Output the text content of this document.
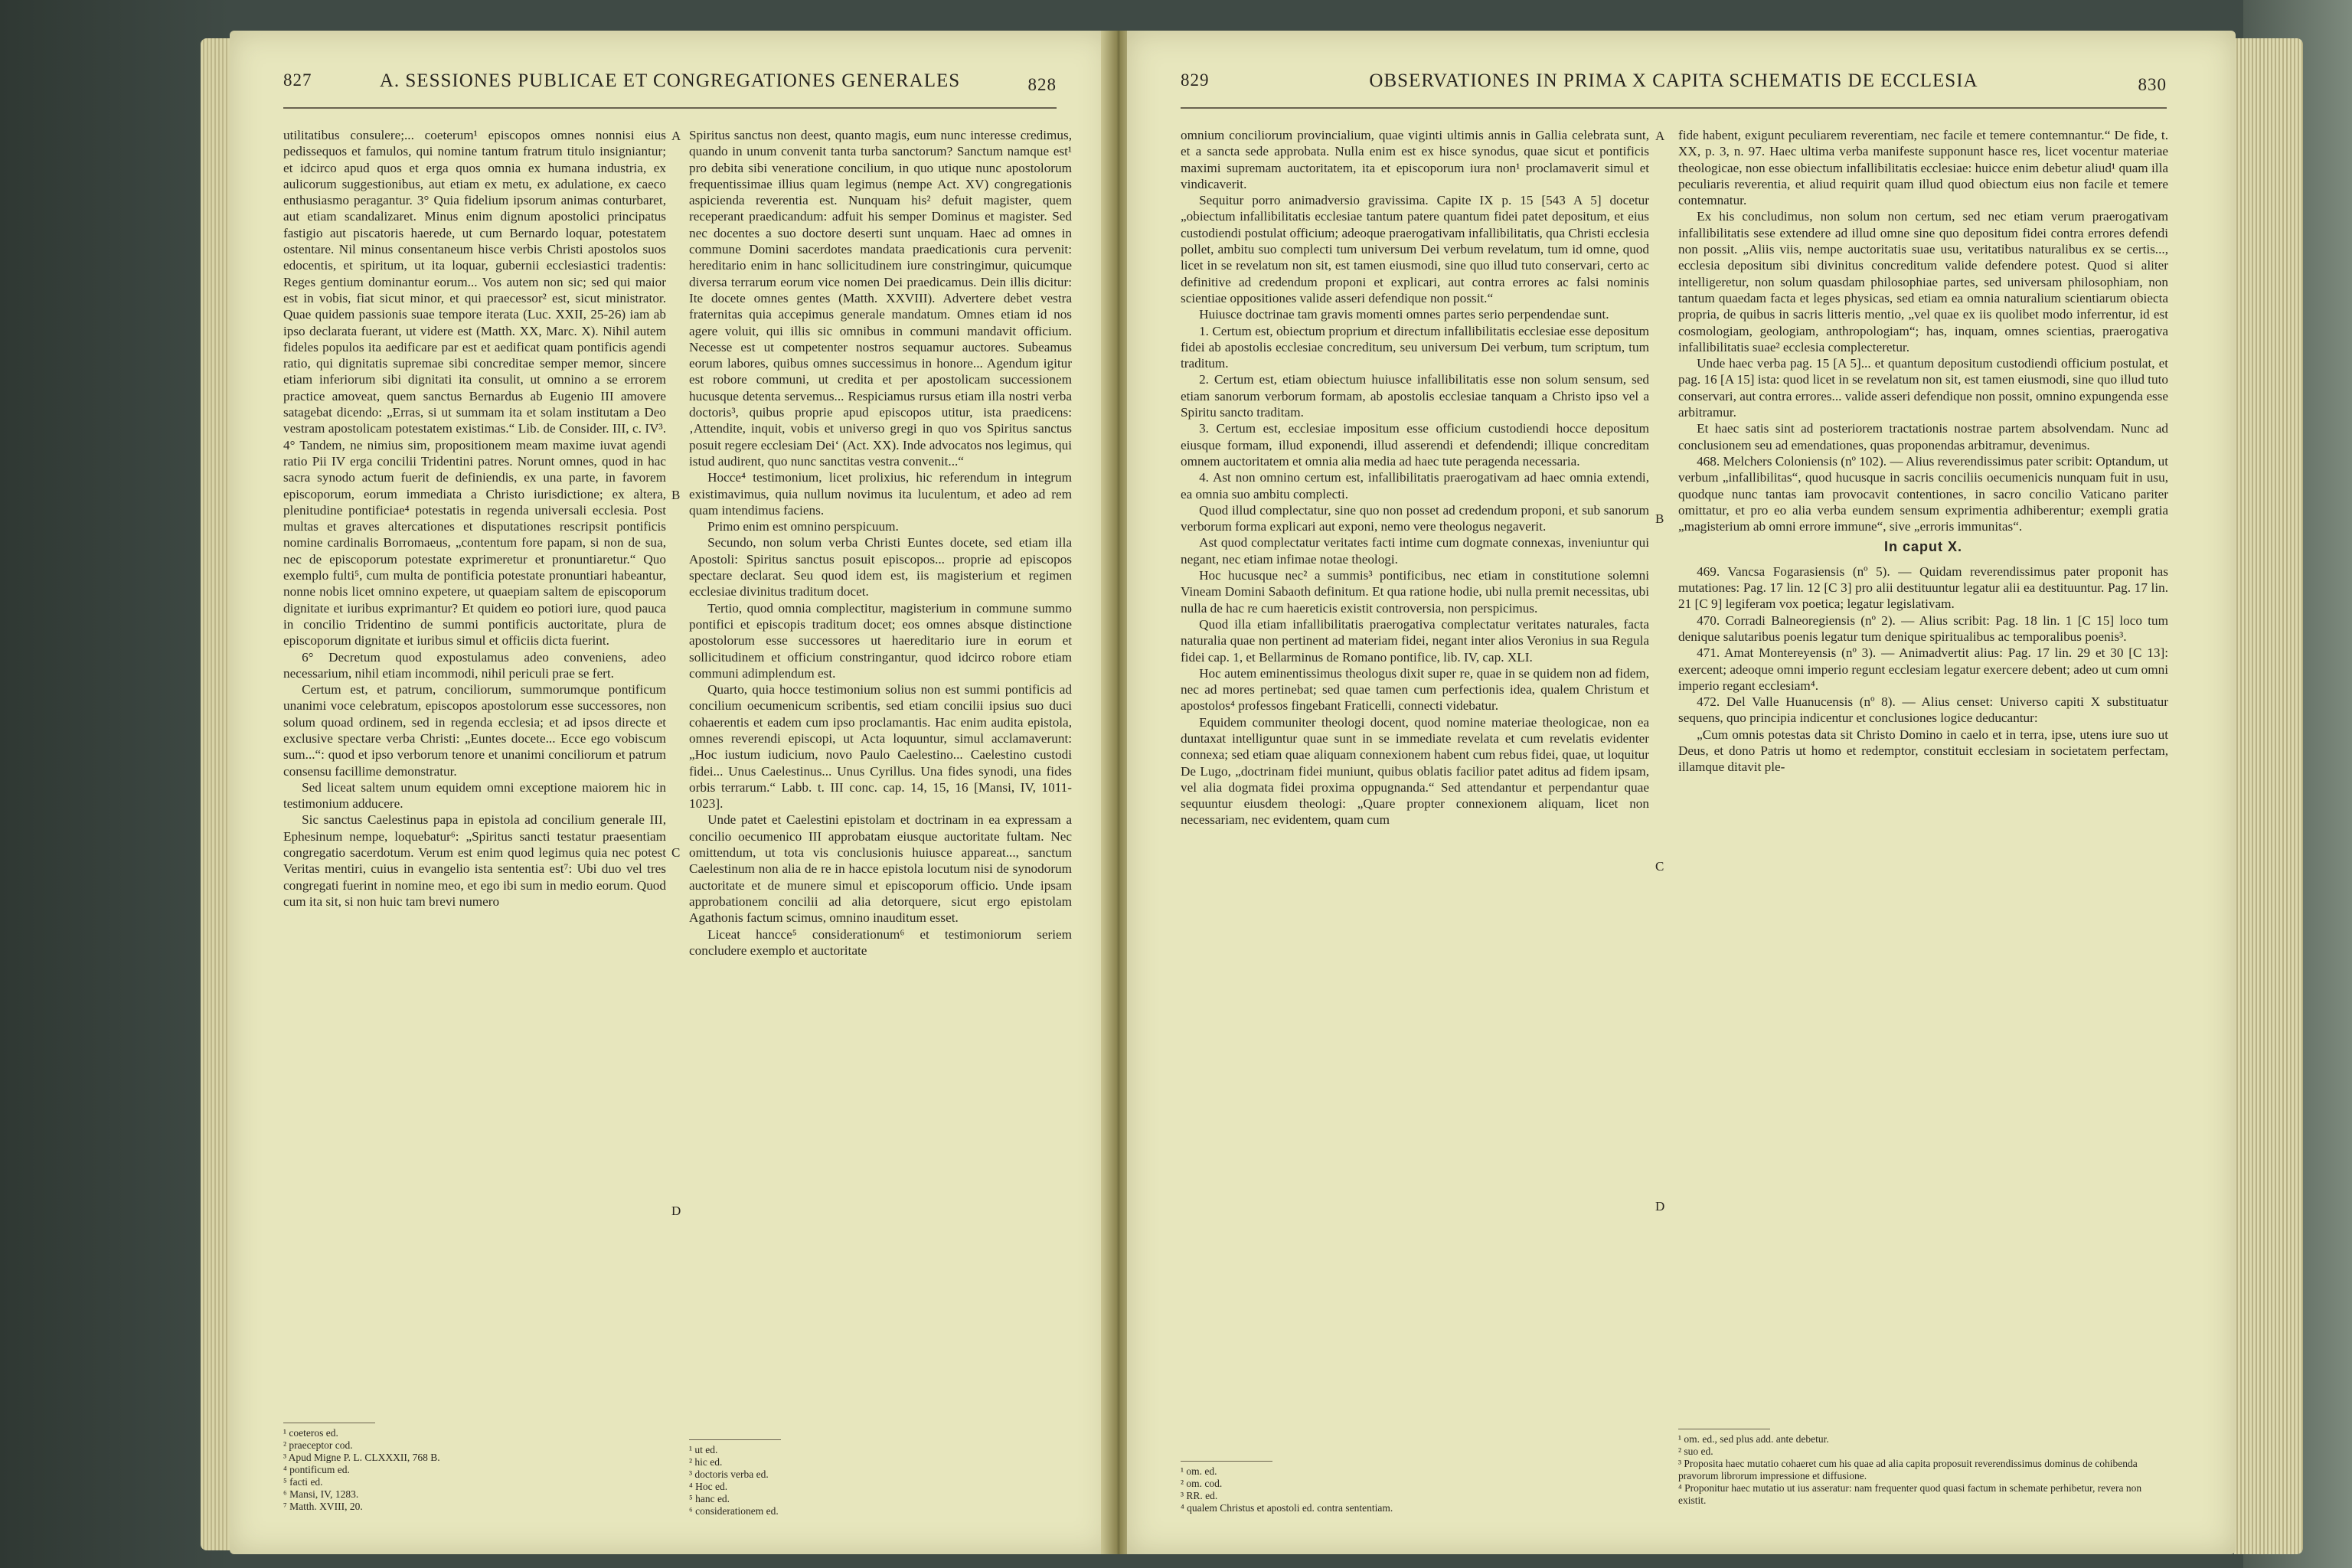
827	A. SESSIONES PUBLICAE ET CONGREGATIONES GENERALES	828

utilitatibus consulere;... coeterum¹ episcopos omnes nonnisi eius pedissequos et famulos, qui nomine tantum fratrum titulo insigniantur; et idcirco apud quos et erga quos omnia ex humana industria, ex aulicorum suggestionibus, aut etiam ex metu, ex adulatione, ex caeco enthusiasmo peragantur. 3° Quia fidelium ipsorum animas conturbaret, aut etiam scandalizaret. Minus enim dignum apostolici principatus fastigio aut piscatoris haerede, ut cum Bernardo loquar, potestatem ostentare. Nil minus consentaneum hisce verbis Christi apostolos suos edocentis, et spiritum, ut ita loquar, gubernii ecclesiastici tradentis: Reges gentium dominantur eorum... Vos autem non sic; sed qui maior est in vobis, fiat sicut minor, et qui praecessor² est, sicut ministrator. Quae quidem passionis suae tempore iterata (Luc. XXII, 25-26) iam ab ipso declarata fuerant, ut videre est (Matth. XX, Marc. X). Nihil autem fideles populos ita aedificare par est et aedificat quam pontificis agendi ratio, qui dignitatis supremae sibi concreditae semper memor, sincere etiam inferiorum sibi dignitati ita consulit, ut omnino a se errorem practice amoveat, quem sanctus Bernardus ab Eugenio III amovere satagebat dicendo: „Erras, si ut summam ita et solam institutam a Deo vestram apostolicam potestatem existimas.“ Lib. de Consider. III, c. IV³. 4° Tandem, ne nimius sim, propositionem meam maxime iuvat agendi ratio Pii IV erga concilii Tridentini patres. Norunt omnes, quod in hac sacra synodo actum fuerit de definiendis, ex una parte, in favorem episcoporum, eorum immediata a Christo iurisdictione; ex altera, plenitudine pontificiae⁴ potestatis in regenda universali ecclesia. Post multas et graves altercationes et disputationes rescripsit pontificis nomine cardinalis Borromaeus, „contentum fore papam, si non de sua, nec de episcoporum potestate exprimeretur et pronuntiaretur.“ Quo exemplo fulti⁵, cum multa de pontificia potestate pronuntiari habeantur, nonne nobis licet omnino expetere, ut quaepiam saltem de episcoporum dignitate et iuribus exprimantur? Et quidem eo potiori iure, quod pauca in concilio Tridentino de summi pontificis auctoritate, plura de episcoporum dignitate et iuribus simul et officiis dicta fuerint.

6° Decretum quod expostulamus adeo conveniens, adeo necessarium, nihil etiam incommodi, nihil periculi prae se fert.

Certum est, et patrum, conciliorum, summorumque pontificum unanimi voce celebratum, episcopos apostolorum esse successores, non solum quoad ordinem, sed in regenda ecclesia; et ad ipsos directe et exclusive spectare verba Christi: „Euntes docete... Ecce ego vobiscum sum...“: quod et ipso verborum tenore et unanimi conciliorum et patrum consensu facillime demonstratur.

Sed liceat saltem unum equidem omni exceptione maiorem hic in testimonium adducere.

Sic sanctus Caelestinus papa in epistola ad concilium generale III, Ephesinum nempe, loquebatur⁶: „Spiritus sancti testatur praesentiam congregatio sacerdotum. Verum est enim quod legimus quia nec potest Veritas mentiri, cuius in evangelio ista sententia est⁷: Ubi duo vel tres congregati fuerint in nomine meo, et ego ibi sum in medio eorum. Quod cum ita sit, si non huic tam brevi numero

A
B
C
D

Spiritus sanctus non deest, quanto magis, eum nunc interesse credimus, quando in unum convenit tanta turba sanctorum? Sanctum namque est¹ pro debita sibi veneratione concilium, in quo utique nunc apostolorum frequentissimae illius quam legimus (nempe Act. XV) congregationis aspicienda reverentia est. Nunquam his² defuit magister, quem receperant praedicandum: adfuit his semper Dominus et magister. Sed nec docentes a suo doctore deserti sunt unquam. Haec ad omnes in commune Domini sacerdotes mandata praedicationis cura pervenit: hereditario enim in hanc sollicitudinem iure constringimur, quicumque diversa terrarum eorum vice nomen Dei praedicamus. Dein illis dicitur: Ite docete omnes gentes (Matth. XXVIII). Advertere debet vestra fraternitas quia accepimus generale mandatum. Omnes etiam id nos agere voluit, qui illis sic omnibus in communi mandavit officium. Necesse est ut competenter nostros sequamur auctores. Subeamus eorum labores, quibus omnes successimus in honore... Agendum igitur est robore communi, ut credita et per apostolicam successionem hucusque detenta servemus... Respiciamus rursus etiam illa nostri verba doctoris³, quibus proprie apud episcopos utitur, ista praedicens: ‚Attendite, inquit, vobis et universo gregi in quo vos Spiritus sanctus posuit regere ecclesiam Dei‘ (Act. XX). Inde advocatos nos legimus, qui istud audirent, quo nunc sanctitas vestra convenit...“

Hocce⁴ testimonium, licet prolixius, hic referendum in integrum existimavimus, quia nullum novimus ita luculentum, et adeo ad rem quam intendimus faciens.

Primo enim est omnino perspicuum.

Secundo, non solum verba Christi Euntes docete, sed etiam illa Apostoli: Spiritus sanctus posuit episcopos... proprie ad episcopos spectare declarat. Seu quod idem est, iis magisterium et regimen ecclesiae divinitus traditum docet.

Tertio, quod omnia complectitur, magisterium in commune summo pontifici et episcopis traditum docet; eos omnes absque distinctione apostolorum esse successores ut haereditario iure in eorum et sollicitudinem et officium constringantur, quod idcirco robore etiam communi adimplendum est.

Quarto, quia hocce testimonium solius non est summi pontificis ad concilium oecumenicum scribentis, sed etiam concilii ipsius suo duci cohaerentis et eadem cum ipso proclamantis. Hac enim audita epistola, omnes reverendi episcopi, ut Acta loquuntur, simul acclamaverunt: „Hoc iustum iudicium, novo Paulo Caelestino... Caelestino custodi fidei... Unus Caelestinus... Unus Cyrillus. Una fides synodi, una fides orbis terrarum.“ Labb. t. III conc. cap. 14, 15, 16 [Mansi, IV, 1011-1023].

Unde patet et Caelestini epistolam et doctrinam in ea expressam a concilio oecumenico III approbatam eiusque auctoritate fultam. Nec omittendum, ut tota vis conclusionis huiusce appareat..., sanctum Caelestinum non alia de re in hacce epistola locutum nisi de synodorum auctoritate et de munere simul et episcoporum officio. Unde ipsam approbationem concilii ad alia detorquere, sicut ergo epistolam Agathonis factum scimus, omnino inauditum esset.

Liceat hancce⁵ considerationum⁶ et testimoniorum seriem concludere exemplo et auctoritate

¹ coeteros ed.
² praeceptor cod.
³ Apud Migne P. L. CLXXXII, 768 B.
⁴ pontificum ed.
⁵ facti ed.
⁶ Mansi, IV, 1283.
⁷ Matth. XVIII, 20.
¹ ut ed.
² hic ed.
³ doctoris verba ed.
⁴ Hoc ed.
⁵ hanc ed.
⁶ considerationem ed.
829	OBSERVATIONES IN PRIMA X CAPITA SCHEMATIS DE ECCLESIA	830

omnium conciliorum provincialium, quae viginti ultimis annis in Gallia celebrata sunt, et a sancta sede approbata. Nulla enim est ex hisce synodus, quae sicut et pontificis maximi supremam auctoritatem, ita et episcoporum iura non¹ proclamaverit simul et vindicaverit.

Sequitur porro animadversio gravissima. Capite IX p. 15 [543 A 5] docetur „obiectum infallibilitatis ecclesiae tantum patere quantum fidei patet depositum, et eius custodiendi postulat officium; adeoque praerogativam infallibilitatis, qua Christi ecclesia pollet, ambitu suo complecti tum universum Dei verbum revelatum, tum id omne, quod licet in se revelatum non sit, est tamen eiusmodi, sine quo illud tuto conservari, certo ac definitive ad credendum proponi et explicari, aut contra errores ac falsi nominis scientiae oppositiones valide asseri defendique non possit.“

Huiusce doctrinae tam gravis momenti omnes partes serio perpendendae sunt.

1. Certum est, obiectum proprium et directum infallibilitatis ecclesiae esse depositum fidei ab apostolis ecclesiae concreditum, seu universum Dei verbum, tum scriptum, tum traditum.

2. Certum est, etiam obiectum huiusce infallibilitatis esse non solum sensum, sed etiam sanorum verborum formam, ab apostolis ecclesiae tanquam a Christo ipso vel a Spiritu sancto traditam.

3. Certum est, ecclesiae impositum esse officium custodiendi hocce depositum eiusque formam, illud exponendi, illud asserendi et defendendi; illique concreditam omnem auctoritatem et omnia alia media ad haec tute peragenda necessaria.

4. Ast non omnino certum est, infallibilitatis praerogativam ad haec omnia extendi, ea omnia suo ambitu complecti.

Quod illud complectatur, sine quo non posset ad credendum proponi, et sub sanorum verborum forma explicari aut exponi, nemo vere theologus negaverit.

Ast quod complectatur veritates facti intime cum dogmate connexas, inveniuntur qui negant, nec etiam infimae notae theologi.

Hoc hucusque nec² a summis³ pontificibus, nec etiam in constitutione solemni Vineam Domini Sabaoth definitum. Et qua ratione hodie, ubi nulla premit necessitas, ubi nulla de hac re cum haereticis existit controversia, non perspicimus.

Quod illa etiam infallibilitatis praerogativa complectatur veritates naturales, facta naturalia quae non pertinent ad materiam fidei, negant inter alios Veronius in sua Regula fidei cap. 1, et Bellarminus de Romano pontifice, lib. IV, cap. XLI.

Hoc autem eminentissimus theologus dixit super re, quae in se quidem non ad fidem, nec ad mores pertinebat; sed quae tamen cum perfectionis idea, qualem Christum et apostolos⁴ professos fingebant Fraticelli, connecti videbatur.

Equidem communiter theologi docent, quod nomine materiae theologicae, non ea duntaxat intelliguntur quae sunt in se immediate revelata et cum revelatis evidenter connexa; sed etiam quae aliquam connexionem habent cum rebus fidei, quae, ut loquitur De Lugo, „doctrinam fidei muniunt, quibus oblatis facilior patet aditus ad fidem ipsam, vel alia dogmata fidei proxima oppugnanda.“ Sed attendantur et perpendantur quae sequuntur eiusdem theologi: „Quare propter connexionem aliquam, licet non necessariam, nec evidentem, quam cum

A
B
C
D

fide habent, exigunt peculiarem reverentiam, nec facile et temere contemnantur.“ De fide, t. XX, p. 3, n. 97. Haec ultima verba manifeste supponunt hasce res, licet vocentur materiae theologicae, non esse obiectum infallibilitatis ecclesiae: huicce enim debetur aliud¹ quam illa peculiaris reverentia, et aliud requirit quam illud quod obiectum eius non facile et temere contemnatur.

Ex his concludimus, non solum non certum, sed nec etiam verum praerogativam infallibilitatis sese extendere ad illud omne sine quo depositum fidei contra errores defendi non possit. „Aliis viis, nempe auctoritatis suae usu, veritatibus naturalibus ex se certis..., ecclesia depositum sibi divinitus concreditum valide defendere potest. Quod si aliter intelligeretur, non solum quasdam philosophiae partes, sed universam philosophiam, non tantum quaedam facta et leges physicas, sed etiam ea omnia naturalium scientiarum obiecta propria, de quibus in sacris litteris mentio, „vel quae ex iis quolibet modo inferrentur, id est cosmologiam, geologiam, anthropologiam“; has, inquam, omnes scientias, praerogativa infallibilitatis suae² ecclesia complecteretur.

Unde haec verba pag. 15 [A 5]... et quantum depositum custodiendi officium postulat, et pag. 16 [A 15] ista: quod licet in se revelatum non sit, est tamen eiusmodi, sine quo illud tuto conservari, aut contra errores... valide asseri defendique non possit, omnino expungenda esse arbitramur.

Et haec satis sint ad posteriorem tractationis nostrae partem absolvendam. Nunc ad conclusionem seu ad emendationes, quas proponendas arbitramur, devenimus.

468. Melchers Coloniensis (nº 102). — Alius reverendissimus pater scribit: Optandum, ut verbum „infallibilitas“, quod hucusque in sacris conciliis oecumenicis nunquam fuit in usu, quodque nunc tantas iam provocavit contentiones, in sacro concilio Vaticano pariter omittatur, et pro eo alia verba eundem sensum exprimentia adhiberentur; exempli gratia „magisterium ab omni errore immune“, sive „erroris immunitas“.

In caput X.

469. Vancsa Fogarasiensis (nº 5). — Quidam reverendissimus pater proponit has mutationes: Pag. 17 lin. 12 [C 3] pro alii destituuntur legatur alii ea destituuntur. Pag. 17 lin. 21 [C 9] legiferam vox poetica; legatur legislativam.

470. Corradi Balneoregiensis (nº 2). — Alius scribit: Pag. 18 lin. 1 [C 15] loco tum denique salutaribus poenis legatur tum denique spiritualibus ac temporalibus poenis³.

471. Amat Montereyensis (nº 3). — Animadvertit alius: Pag. 17 lin. 29 et 30 [C 13]: exercent; adeoque omni imperio regunt ecclesiam legatur exercere debent; adeo ut cum omni imperio regant ecclesiam⁴.

472. Del Valle Huanucensis (nº 8). — Alius censet: Universo capiti X substituatur sequens, quo principia indicentur et conclusiones logice deducantur:

„Cum omnis potestas data sit Christo Domino in caelo et in terra, ipse, utens iure suo ut Deus, et dono Patris ut homo et redemptor, constituit ecclesiam in societatem perfectam, illamque ditavit ple-

¹ om. ed.
² om. cod.
³ RR. ed.
⁴ qualem Christus et apostoli ed. contra sententiam.
¹ om. ed., sed plus add. ante debetur.
² suo ed.
³ Proposita haec mutatio cohaeret cum his quae ad alia capita proposuit reverendissimus dominus de cohibenda pravorum librorum impressione et diffusione.
⁴ Proponitur haec mutatio ut ius asseratur: nam frequenter quod quasi factum in schemate perhibetur, revera non existit.
